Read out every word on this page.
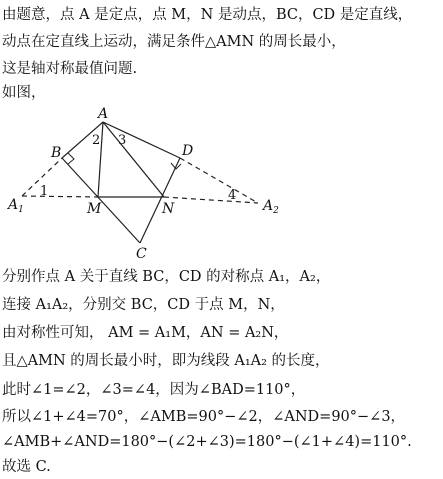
由题意，点 A 是定点，点 M，N 是动点，BC，CD 是定直线，
动点在定直线上运动，满足条件△AMN 的周长最小，
这是轴对称最值问题.
如图，
A
B	D
M	N
C
$A_1$	$A_2$
1
2 3
4
分别作点 A 关于直线 BC，CD 的对称点 A₁，A₂，
连接 A₁A₂，分别交 BC，CD 于点 M，N，
由对称性可知， AM = A₁M，AN = A₂N，
且△AMN 的周长最小时，即为线段 A₁A₂ 的长度，
此时∠1=∠2，∠3=∠4，因为∠BAD=110°，
所以∠1+∠4=70°，∠AMB=90°−∠2，∠AND=90°−∠3，
∠AMB+∠AND=180°−(∠2+∠3)=180°−(∠1+∠4)=110°.
故选 C.
